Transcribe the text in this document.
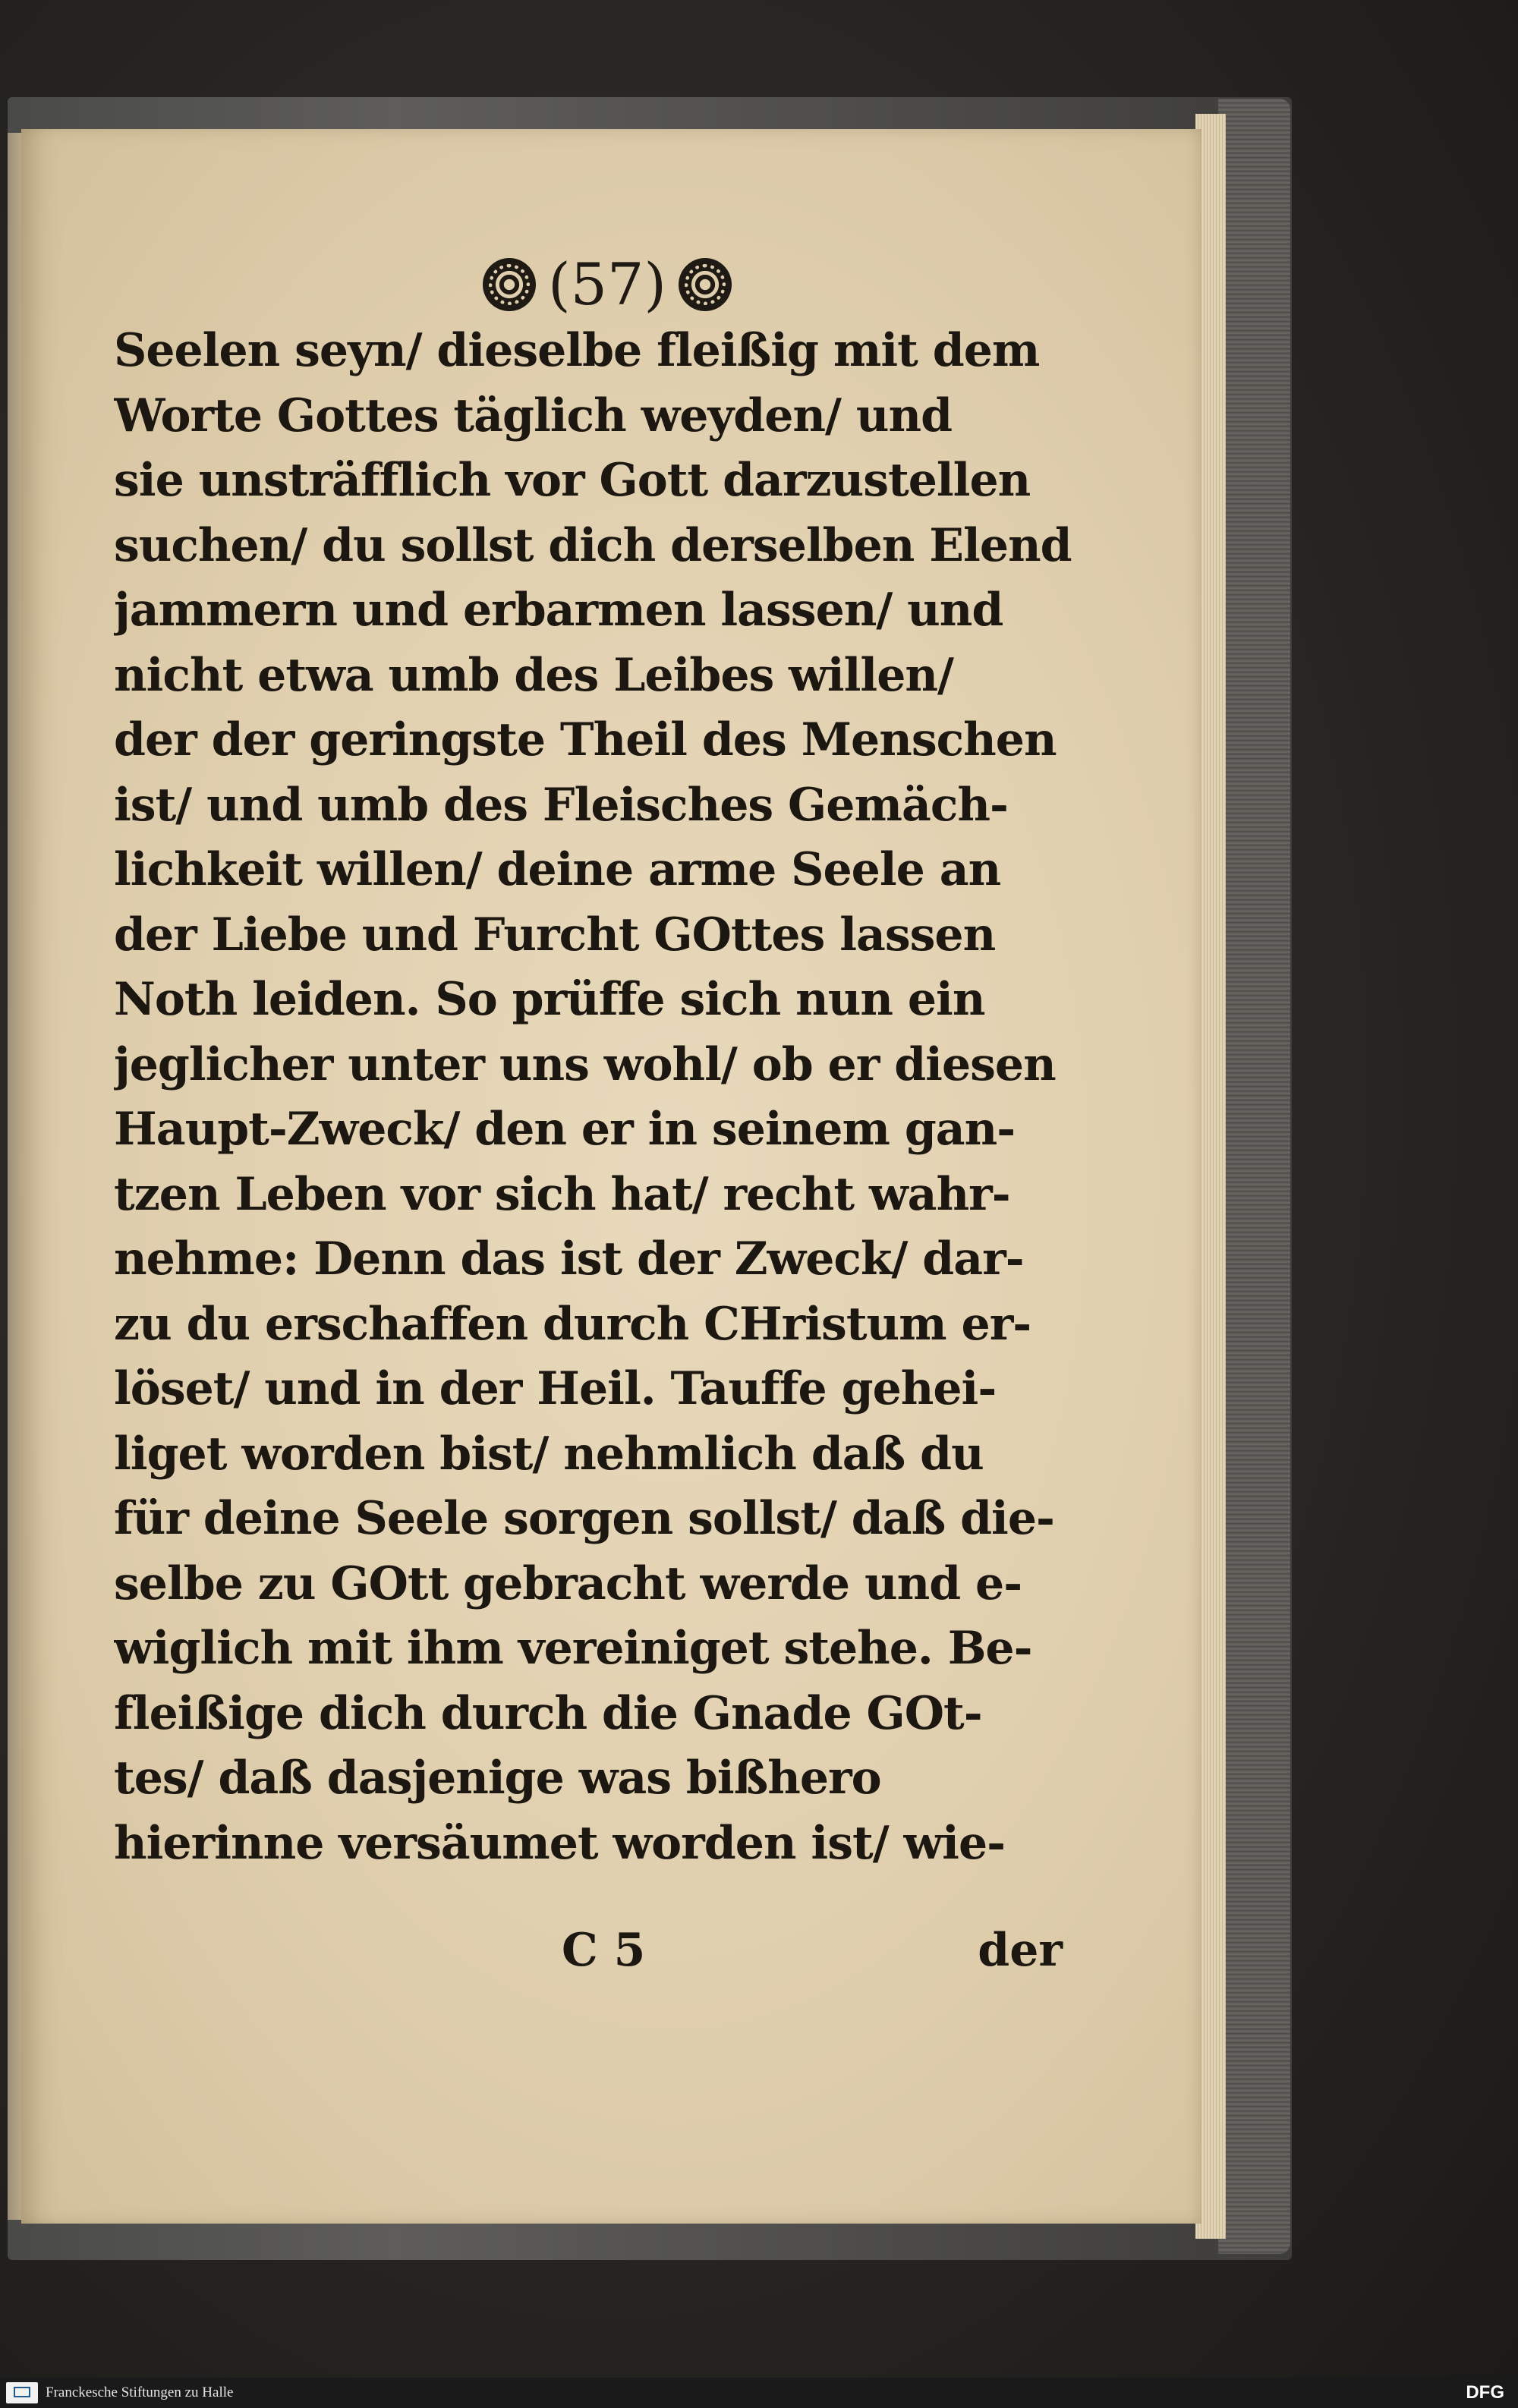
(57)
Seelen seyn/ dieselbe fleißig mit dem
Worte Gottes täglich weyden/ und
sie unsträfflich vor Gott darzustellen
suchen/ du sollst dich derselben Elend
jammern und erbarmen lassen/ und
nicht etwa umb des Leibes willen/
der der geringste Theil des Menschen
ist/ und umb des Fleisches Gemäch-
lichkeit willen/ deine arme Seele an
der Liebe und Furcht GOttes lassen
Noth leiden. So prüffe sich nun ein
jeglicher unter uns wohl/ ob er diesen
Haupt-Zweck/ den er in seinem gan-
tzen Leben vor sich hat/ recht wahr-
nehme: Denn das ist der Zweck/ dar-
zu du erschaffen durch CHristum er-
löset/ und in der Heil. Tauffe gehei-
liget worden bist/ nehmlich daß du
für deine Seele sorgen sollst/ daß die-
selbe zu GOtt gebracht werde und e-
wiglich mit ihm vereiniget stehe. Be-
fleißige dich durch die Gnade GOt-
tes/ daß dasjenige was bißhero
hierinne versäumet worden ist/ wie-
C 5	der
Franckesche Stiftungen zu Halle	DFG
